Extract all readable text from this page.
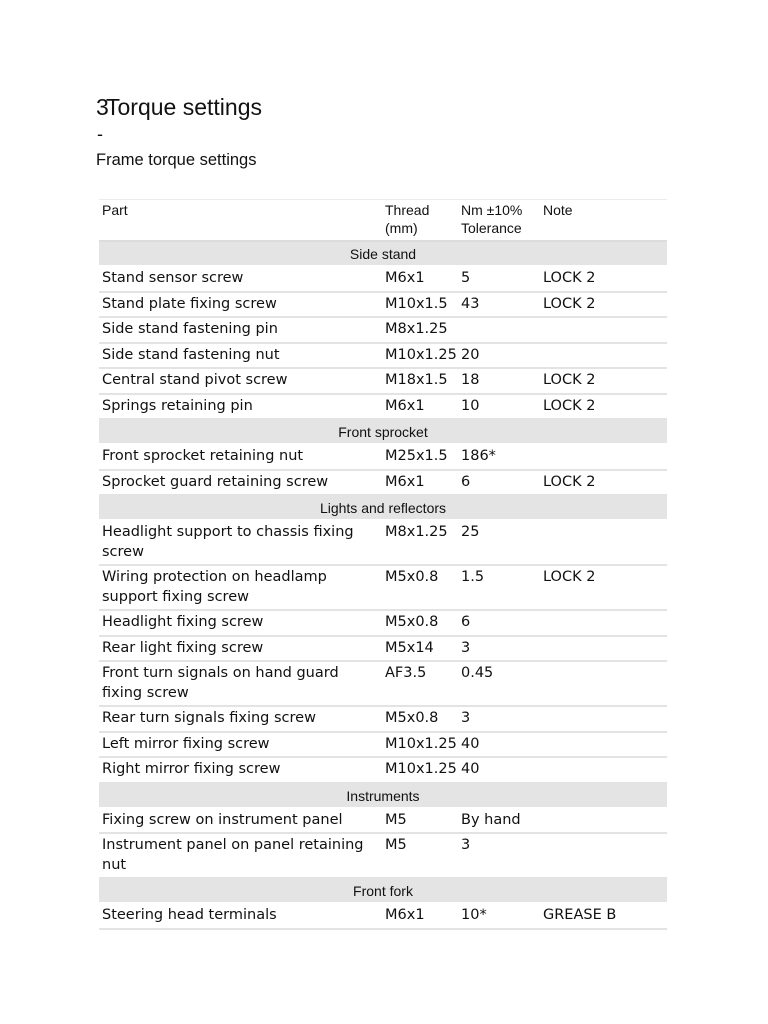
3
Torque settings
-
Frame torque settings
Part	Thread (mm)	Nm ±10% Tolerance	Note
Side stand			
Stand sensor screw	M6x1	5	LOCK 2
Stand plate fixing screw	M10x1.5	43	LOCK 2
Side stand fastening pin	M8x1.25		
Side stand fastening nut	M10x1.25	20	
Central stand pivot screw	M18x1.5	18	LOCK 2
Springs retaining pin	M6x1	10	LOCK 2
Front sprocket			
Front sprocket retaining nut	M25x1.5	186*	
Sprocket guard retaining screw	M6x1	6	LOCK 2
Lights and reflectors			
Headlight support to chassis fixing screw	M8x1.25	25	
Wiring protection on headlamp support fixing screw	M5x0.8	1.5	LOCK 2
Headlight fixing screw	M5x0.8	6	
Rear light fixing screw	M5x14	3	
Front turn signals on hand guard fixing screw	AF3.5	0.45	
Rear turn signals fixing screw	M5x0.8	3	
Left mirror fixing screw	M10x1.25	40	
Right mirror fixing screw	M10x1.25	40	
Instruments			
Fixing screw on instrument panel	M5	By hand	
Instrument panel on panel retaining nut	M5	3	
Front fork			
Steering head terminals	M6x1	10*	GREASE B
